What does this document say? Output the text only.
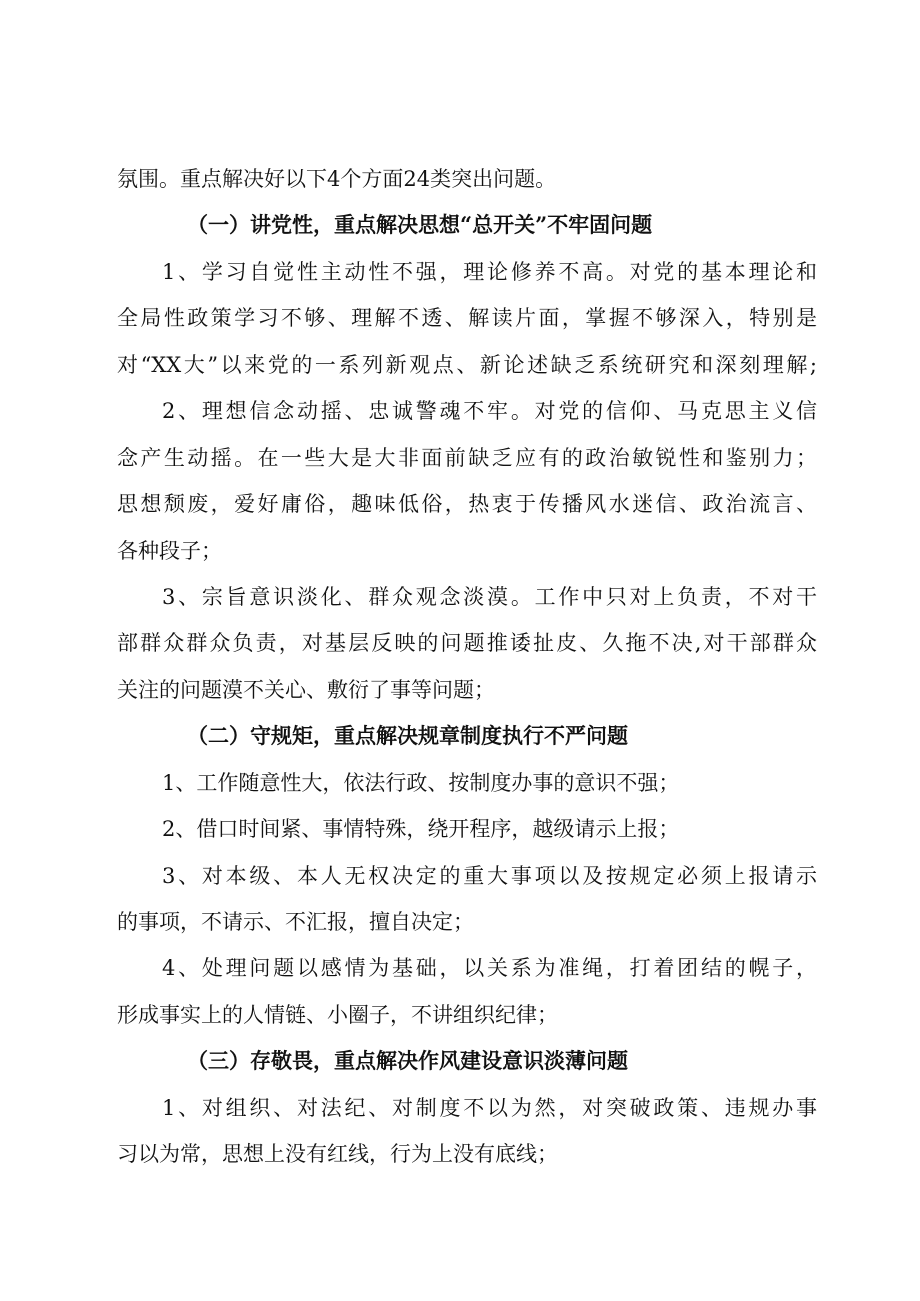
氛围。重点解决好以下4个方面24类突出问题。
（一）讲党性，重点解决思想“总开关”不牢固问题
1、学习自觉性主动性不强，理论修养不高。对党的基本理论和
全局性政策学习不够、理解不透、解读片面，掌握不够深入，特别是
对“XX大”以来党的一系列新观点、新论述缺乏系统研究和深刻理解;
2、理想信念动摇、忠诚警魂不牢。对党的信仰、马克思主义信
念产生动摇。在一些大是大非面前缺乏应有的政治敏锐性和鉴别力；
思想颓废，爱好庸俗，趣味低俗，热衷于传播风水迷信、政治流言、
各种段子；
3、宗旨意识淡化、群众观念淡漠。工作中只对上负责，不对干
部群众群众负责，对基层反映的问题推诿扯皮、久拖不决,对干部群众
关注的问题漠不关心、敷衍了事等问题；
（二）守规矩，重点解决规章制度执行不严问题
1、工作随意性大，依法行政、按制度办事的意识不强；
2、借口时间紧、事情特殊，绕开程序，越级请示上报；
3、对本级、本人无权决定的重大事项以及按规定必须上报请示
的事项，不请示、不汇报，擅自决定；
4、处理问题以感情为基础，以关系为准绳，打着团结的幌子，
形成事实上的人情链、小圈子，不讲组织纪律；
（三）存敬畏，重点解决作风建设意识淡薄问题
1、对组织、对法纪、对制度不以为然，对突破政策、违规办事
习以为常，思想上没有红线，行为上没有底线；
